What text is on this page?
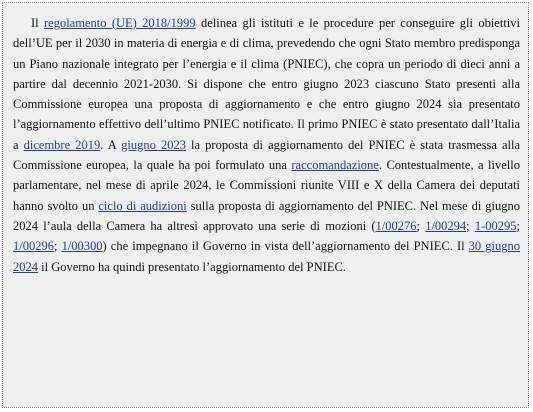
Il regolamento (UE) 2018/1999 delinea gli istituti e le procedure per conseguire gli obiettivi dell’UE per il 2030 in materia di energia e di clima, prevedendo che ogni Stato membro predisponga un Piano nazionale integrato per l’energia e il clima (PNIEC), che copra un periodo di dieci anni a partire dal decennio 2021-2030. Si dispone che entro giugno 2023 ciascuno Stato presenti alla Commissione europea una proposta di aggiornamento e che entro giugno 2024 sia presentato l’aggiornamento effettivo dell’ultimo PNIEC notificato. Il primo PNIEC è stato presentato dall’Italia a dicembre 2019. A giugno 2023 la proposta di aggiornamento del PNIEC è stata trasmessa alla Commissione europea, la quale ha poi formulato una raccomandazione. Contestualmente, a livello parlamentare, nel mese di aprile 2024, le Commissioni riunite VIII e X della Camera dei deputati hanno svolto un ciclo di audizioni sulla proposta di aggiornamento del PNIEC. Nel mese di giugno 2024 l’aula della Camera ha altresì approvato una serie di mozioni (1/00276; 1/00294; 1-00295; 1/00296; 1/00300) che impegnano il Governo in vista dell’aggiornamento del PNIEC. Il 30 giugno 2024 il Governo ha quindi presentato l’aggiornamento del PNIEC.
